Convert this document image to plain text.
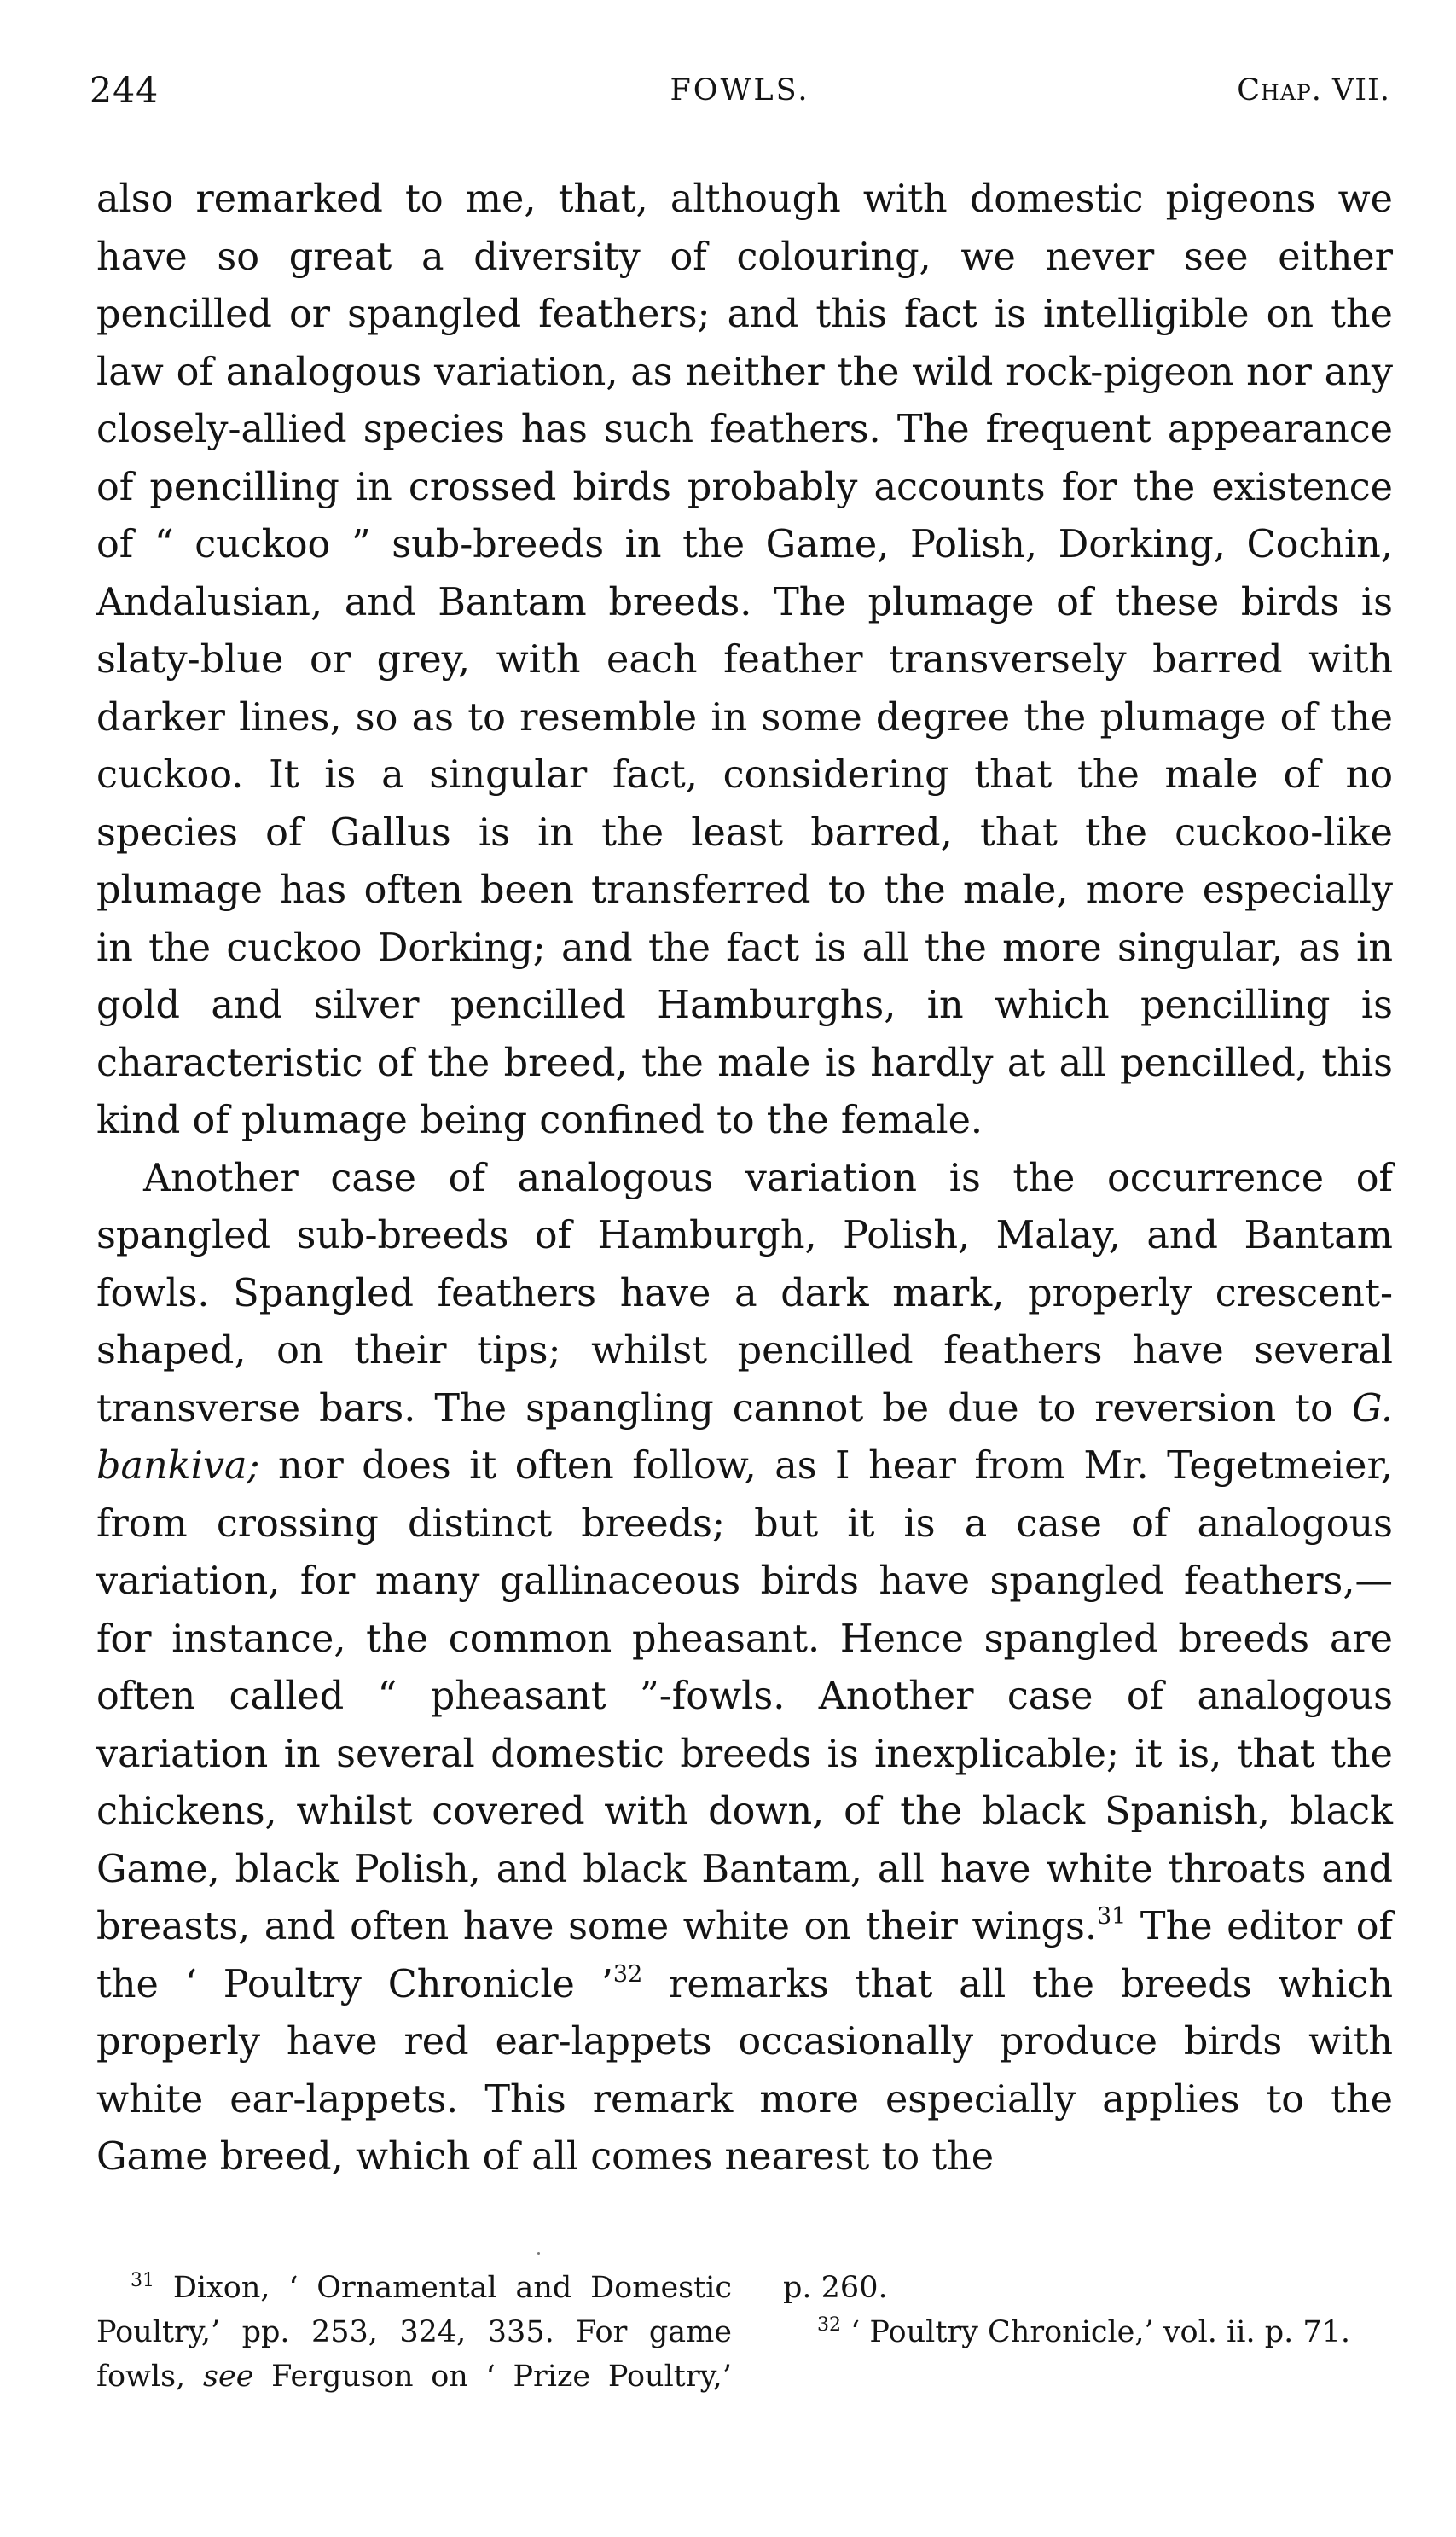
244	FOWLS.	Chap. VII.

also remarked to me, that, although with domestic pigeons we have so great a diversity of colouring, we never see either pencilled or spangled feathers; and this fact is intelligible on the law of analogous variation, as neither the wild rock-pigeon nor any closely-allied species has such feathers. The frequent appearance of pencilling in crossed birds probably accounts for the existence of “ cuckoo ” sub-breeds in the Game, Polish, Dorking, Cochin, Andalusian, and Bantam breeds. The plumage of these birds is slaty-blue or grey, with each feather transversely barred with darker lines, so as to resemble in some degree the plumage of the cuckoo. It is a singular fact, considering that the male of no species of Gallus is in the least barred, that the cuckoo-like plumage has often been transferred to the male, more especially in the cuckoo Dorking; and the fact is all the more singular, as in gold and silver pencilled Hamburghs, in which pencilling is characteristic of the breed, the male is hardly at all pencilled, this kind of plumage being confined to the female.

Another case of analogous variation is the occurrence of spangled sub-breeds of Hamburgh, Polish, Malay, and Bantam fowls. Spangled feathers have a dark mark, properly crescent-shaped, on their tips; whilst pencilled feathers have several transverse bars. The spangling cannot be due to reversion to G. bankiva; nor does it often follow, as I hear from Mr. Tegetmeier, from crossing distinct breeds; but it is a case of analogous variation, for many gallinaceous birds have spangled feathers,— for instance, the common pheasant. Hence spangled breeds are often called “ pheasant ”-fowls. Another case of analogous variation in several domestic breeds is inexplicable; it is, that the chickens, whilst covered with down, of the black Spanish, black Game, black Polish, and black Bantam, all have white throats and breasts, and often have some white on their wings.$^{31}$ The editor of the ‘ Poultry Chronicle ’$^{32}$ remarks that all the breeds which properly have red ear-lappets occasionally produce birds with white ear-lappets. This remark more especially applies to the Game breed, which of all comes nearest to the

$^{31}$ Dixon, ‘ Ornamental and Domestic
Poultry,’ pp. 253, 324, 335. For game
fowls, see Ferguson on ‘ Prize Poultry,’
p. 260.
$^{32}$ ‘ Poultry Chronicle,’ vol. ii. p. 71.
